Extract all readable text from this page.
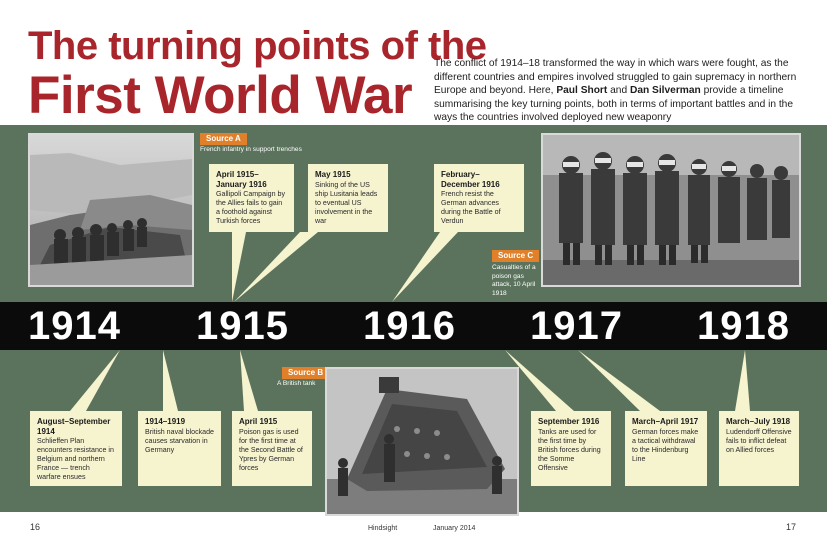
The turning points of the
First World War
The conflict of 1914–18 transformed the way in which wars were fought, as the different countries and empires involved struggled to gain supremacy in northern Europe and beyond. Here, Paul Short and Dan Silverman provide a timeline summarising the key turning points, both in terms of important battles and in the ways the countries involved deployed new weaponry
Source A
French infantry in support trenches
Source C
Casualties of a poison gas attack, 10 April 1918
April 1915–January 1916
Gallipoli Campaign by the Allies fails to gain a foothold against Turkish forces
May 1915
Sinking of the US ship Lusitania leads to eventual US involvement in the war
February–December 1916
French resist the German advances during the Battle of Verdun
1914 1915 1916 1917 1918
Source B
A British tank
August–September 1914
Schlieffen Plan encounters resistance in Belgium and northern France — trench warfare ensues
1914–1919
British naval blockade causes starvation in Germany
April 1915
Poison gas is used for the first time at the Second Battle of Ypres by German forces
September 1916
Tanks are used for the first time by British forces during the Somme Offensive
March–April 1917
German forces make a tactical withdrawal to the Hindenburg Line
March–July 1918
Ludendorff Offensive fails to inflict defeat on Allied forces
16	Hindsight	January 2014	17
